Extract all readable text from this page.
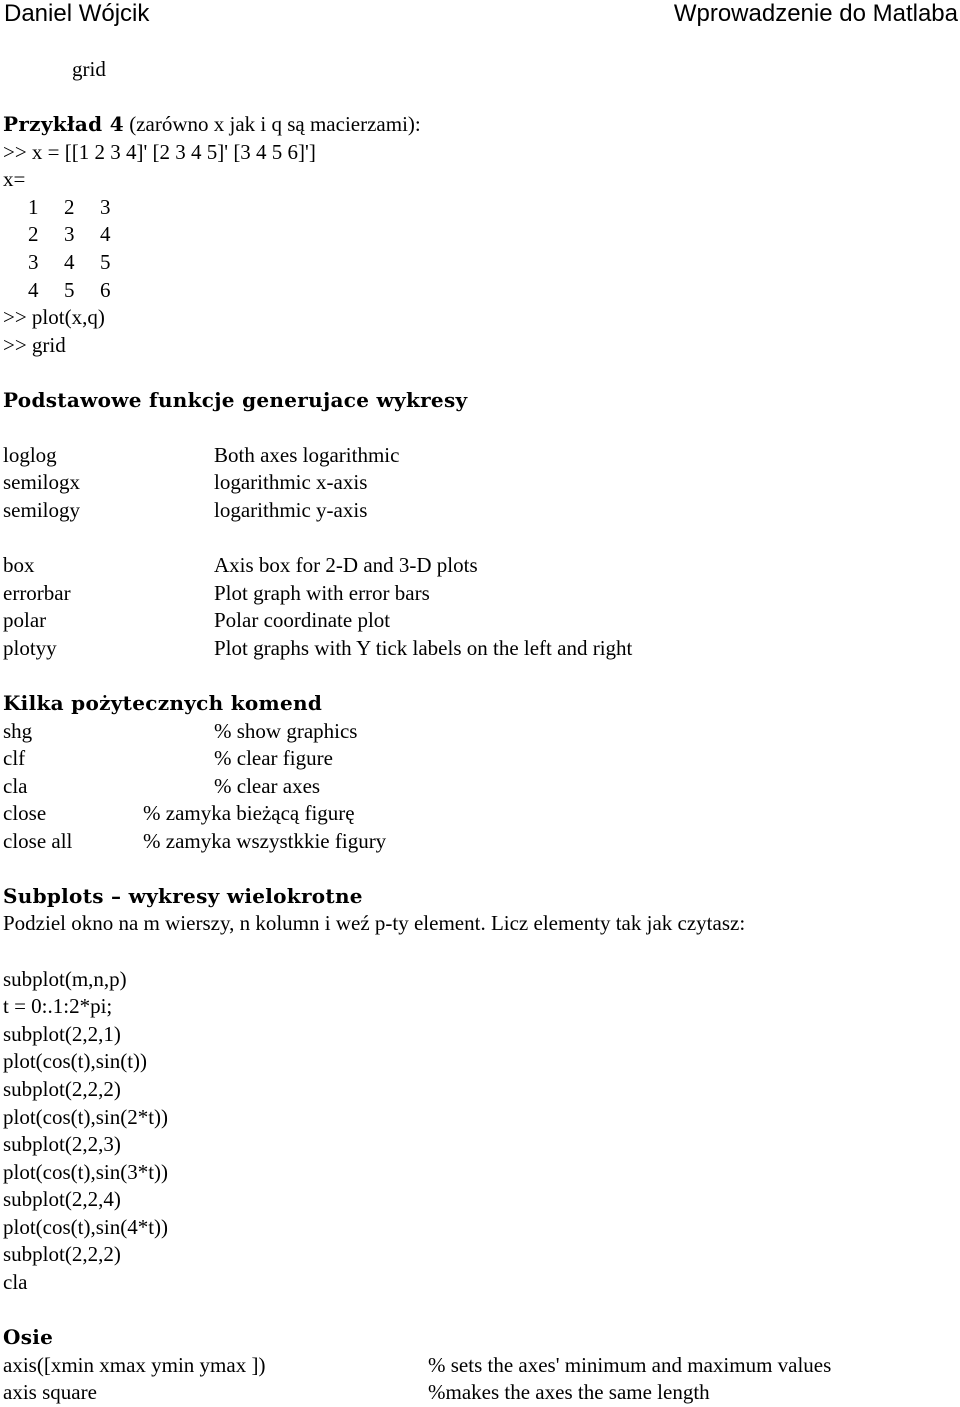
Daniel Wójcik	Wprowadzenie do Matlaba
grid
Przykład 4 (zarówno x jak i q są macierzami):
>> x = [[1 2 3 4]' [2 3 4 5]' [3 4 5 6]']
x=
1 2 3
2 3 4
3 4 5
4 5 6
>> plot(x,q)
>> grid
Podstawowe funkcje generujace wykresy
loglog	Both axes logarithmic
semilogx	logarithmic x-axis
semilogy	logarithmic y-axis
box	Axis box for 2-D and 3-D plots
errorbar	Plot graph with error bars
polar	Polar coordinate plot
plotyy	Plot graphs with Y tick labels on the left and right
Kilka pożytecznych komend
shg	% show graphics
clf	% clear figure
cla	% clear axes
close	% zamyka bieżącą figurę
close all	% zamyka wszystkkie figury
Subplots – wykresy wielokrotne
Podziel okno na m wierszy, n kolumn i weź p-ty element. Licz elementy tak jak czytasz:
subplot(m,n,p)
t = 0:.1:2*pi;
subplot(2,2,1)
plot(cos(t),sin(t))
subplot(2,2,2)
plot(cos(t),sin(2*t))
subplot(2,2,3)
plot(cos(t),sin(3*t))
subplot(2,2,4)
plot(cos(t),sin(4*t))
subplot(2,2,2)
cla
Osie
axis([xmin xmax ymin ymax ])	% sets the axes' minimum and maximum values
axis square	%makes the axes the same length
